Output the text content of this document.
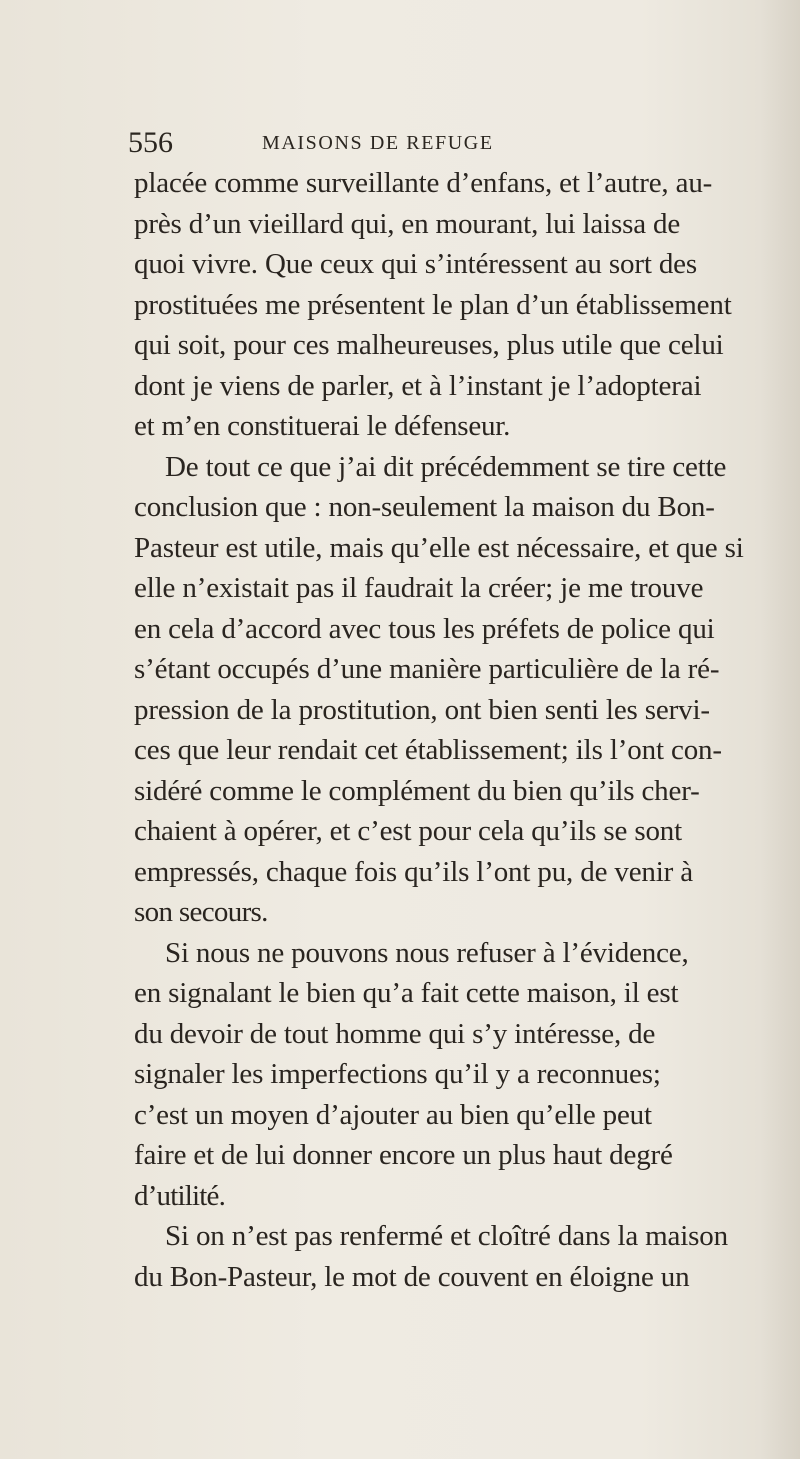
556	MAISONS DE REFUGE
placée comme surveillante d’enfans, et l’autre, au-
près d’un vieillard qui, en mourant, lui laissa de
quoi vivre. Que ceux qui s’intéressent au sort des
prostituées me présentent le plan d’un établissement
qui soit, pour ces malheureuses, plus utile que celui
dont je viens de parler, et à l’instant je l’adopterai
et m’en constituerai le défenseur.
De tout ce que j’ai dit précédemment se tire cette
conclusion que : non-seulement la maison du Bon-
Pasteur est utile, mais qu’elle est nécessaire, et que si
elle n’existait pas il faudrait la créer; je me trouve
en cela d’accord avec tous les préfets de police qui
s’étant occupés d’une manière particulière de la ré-
pression de la prostitution, ont bien senti les servi-
ces que leur rendait cet établissement; ils l’ont con-
sidéré comme le complément du bien qu’ils cher-
chaient à opérer, et c’est pour cela qu’ils se sont
empressés, chaque fois qu’ils l’ont pu, de venir à
son secours.
Si nous ne pouvons nous refuser à l’évidence,
en signalant le bien qu’a fait cette maison, il est
du devoir de tout homme qui s’y intéresse, de
signaler les imperfections qu’il y a reconnues;
c’est un moyen d’ajouter au bien qu’elle peut
faire et de lui donner encore un plus haut degré
d’utilité.
Si on n’est pas renfermé et cloîtré dans la maison
du Bon-Pasteur, le mot de couvent en éloigne un
